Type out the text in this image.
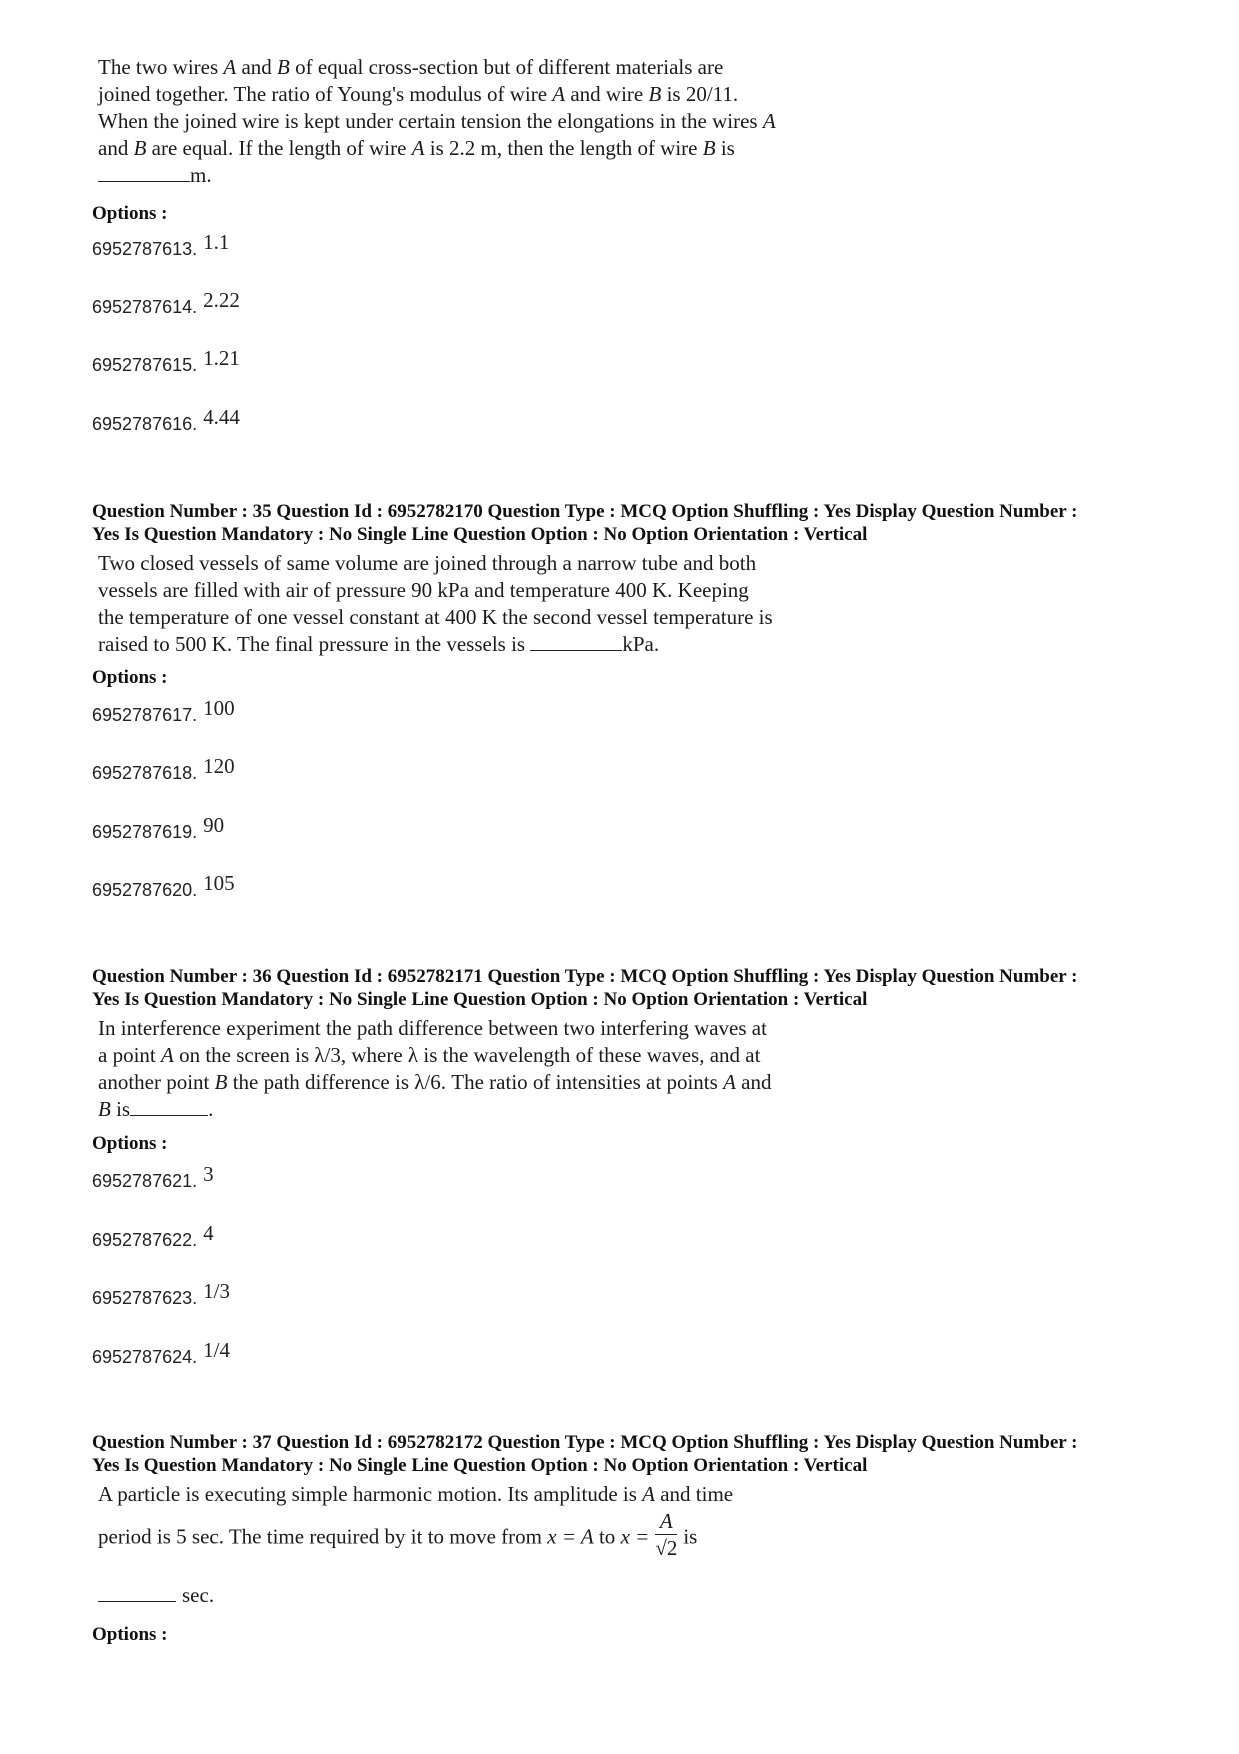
The two wires A and B of equal cross-section but of different materials are
joined together. The ratio of Young's modulus of wire A and wire B is 20/11.
When the joined wire is kept under certain tension the elongations in the wires A
and B are equal. If the length of wire A is 2.2 m, then the length of wire B is
m.
Options :
6952787613. 1.1
6952787614. 2.22
6952787615. 1.21
6952787616. 4.44
Question Number : 35 Question Id : 6952782170 Question Type : MCQ Option Shuffling : Yes Display Question Number :
Yes Is Question Mandatory : No Single Line Question Option : No Option Orientation : Vertical
Two closed vessels of same volume are joined through a narrow tube and both
vessels are filled with air of pressure 90 kPa and temperature 400 K. Keeping
the temperature of one vessel constant at 400 K the second vessel temperature is
raised to 500 K. The final pressure in the vessels is	kPa.
Options :
6952787617. 100
6952787618. 120
6952787619. 90
6952787620. 105
Question Number : 36 Question Id : 6952782171 Question Type : MCQ Option Shuffling : Yes Display Question Number :
Yes Is Question Mandatory : No Single Line Question Option : No Option Orientation : Vertical
In interference experiment the path difference between two interfering waves at
a point A on the screen is λ/3, where λ is the wavelength of these waves, and at
another point B the path difference is λ/6. The ratio of intensities at points A and
B is	.
Options :
6952787621. 3
6952787622. 4
6952787623. 1/3
6952787624. 1/4
Question Number : 37 Question Id : 6952782172 Question Type : MCQ Option Shuffling : Yes Display Question Number :
Yes Is Question Mandatory : No Single Line Question Option : No Option Orientation : Vertical
A particle is executing simple harmonic motion. Its amplitude is A and time
period is 5 sec. The time required by it to move from x = A to $x = \frac{A}{√2}$ is
sec.
Options :
